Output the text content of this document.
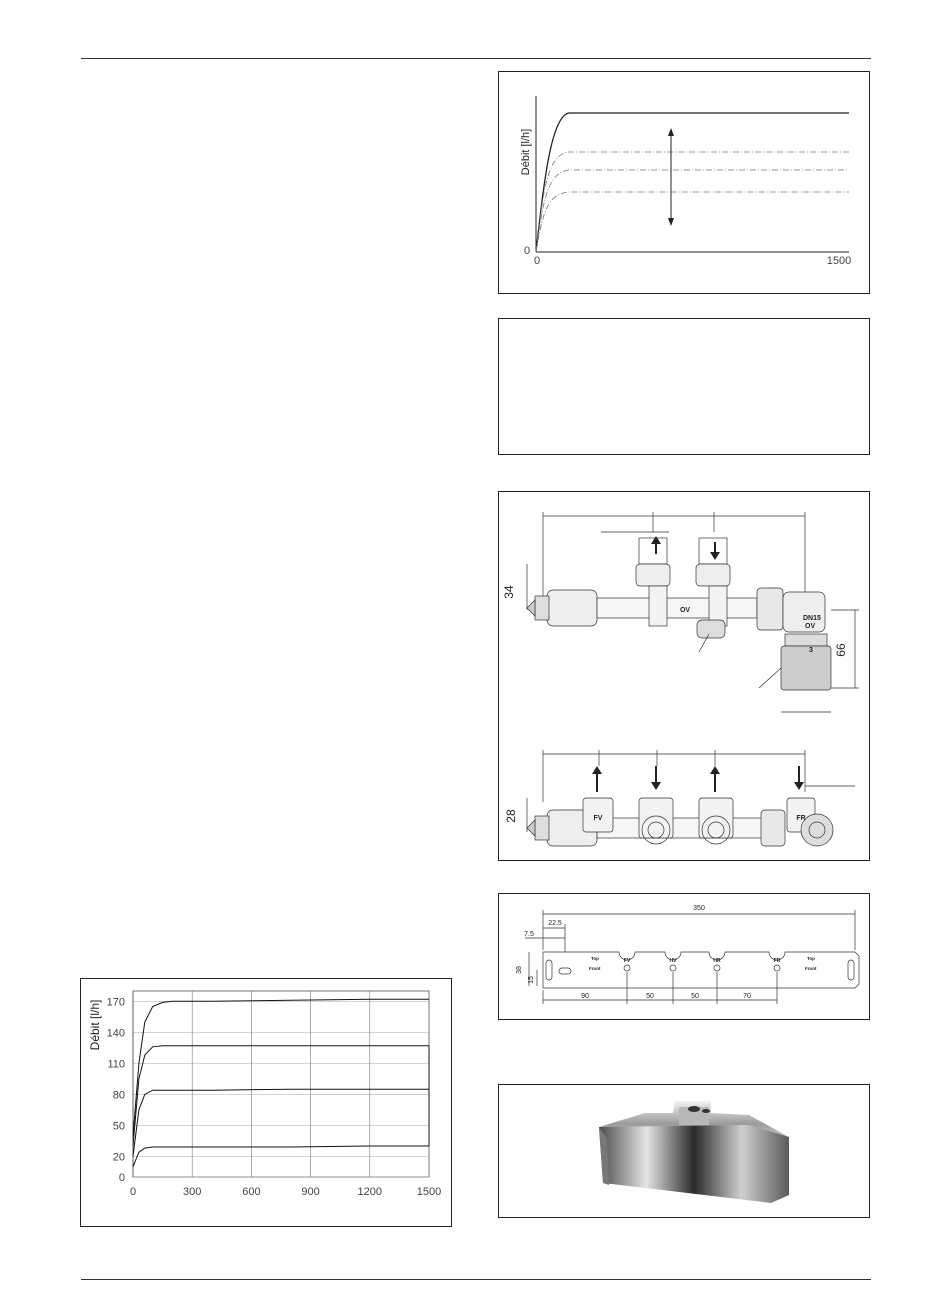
Débit [l/h]
0
0	1500
34
66
OV
DN15
OV
3
28	FV	FR
350
22.5
7.5
38
15
90	50	50	70
FV	HV	HR	FR
Top
Front
Top
Front
0
20
50
80
110
140
170
0	300	600	900	1200	1500
Débit [l/h]
